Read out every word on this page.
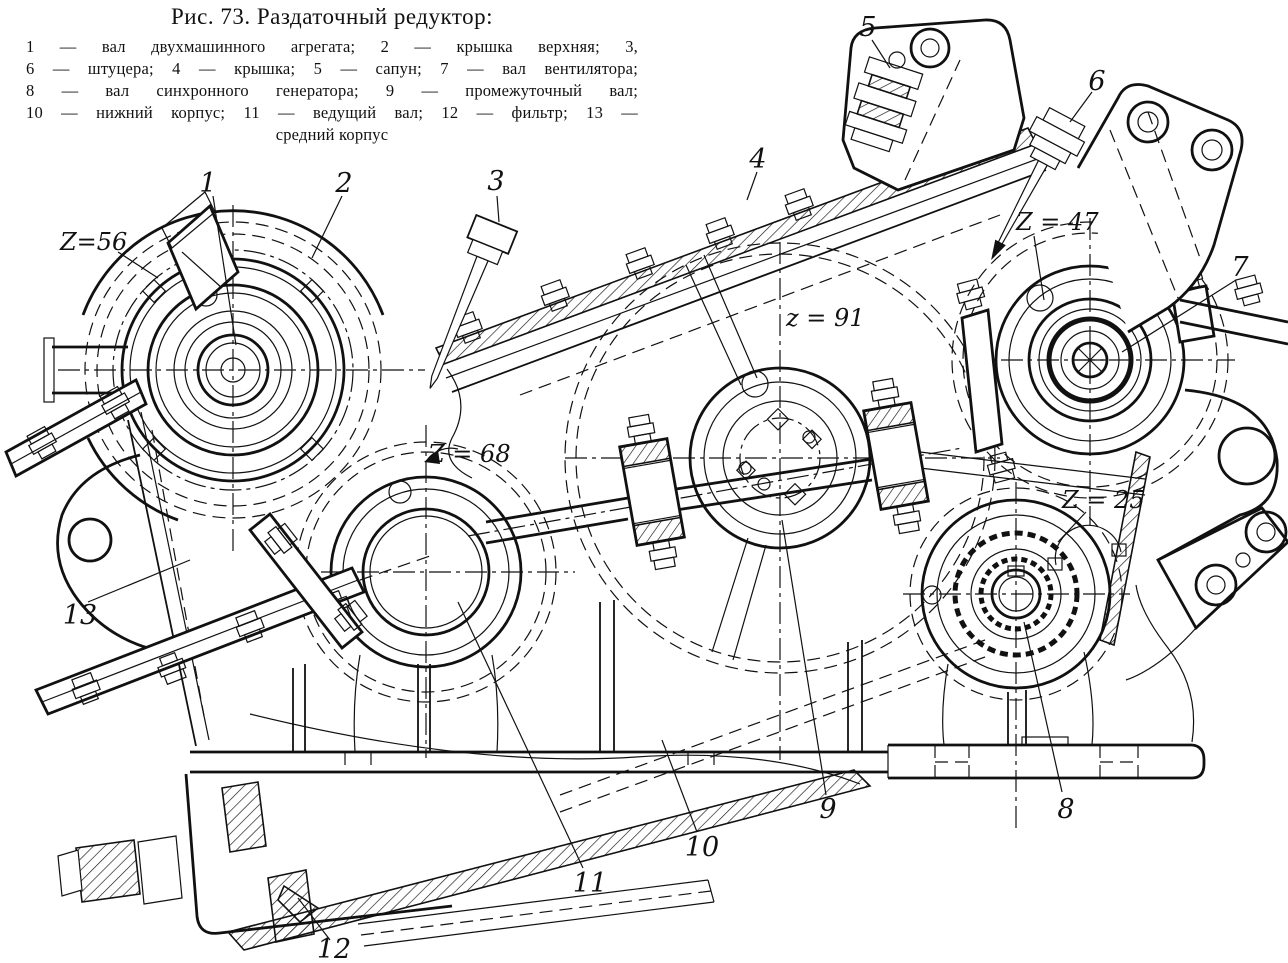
1	2	3
4
5
6
7
8
9
10
11
12
13
Z=56
Z = 68
z = 91
Z = 47
Z = 25
Рис. 73. Раздаточный редуктор:
1 — вал двухмашинного агрегата; 2 — крышка верхняя; 3,
6 — штуцера; 4 — крышка; 5 — сапун; 7 — вал вентилятора;
8 — вал синхронного генератора; 9 — промежуточный вал;
10 — нижний корпус; 11 — ведущий вал; 12 — фильтр; 13 —
средний корпус
